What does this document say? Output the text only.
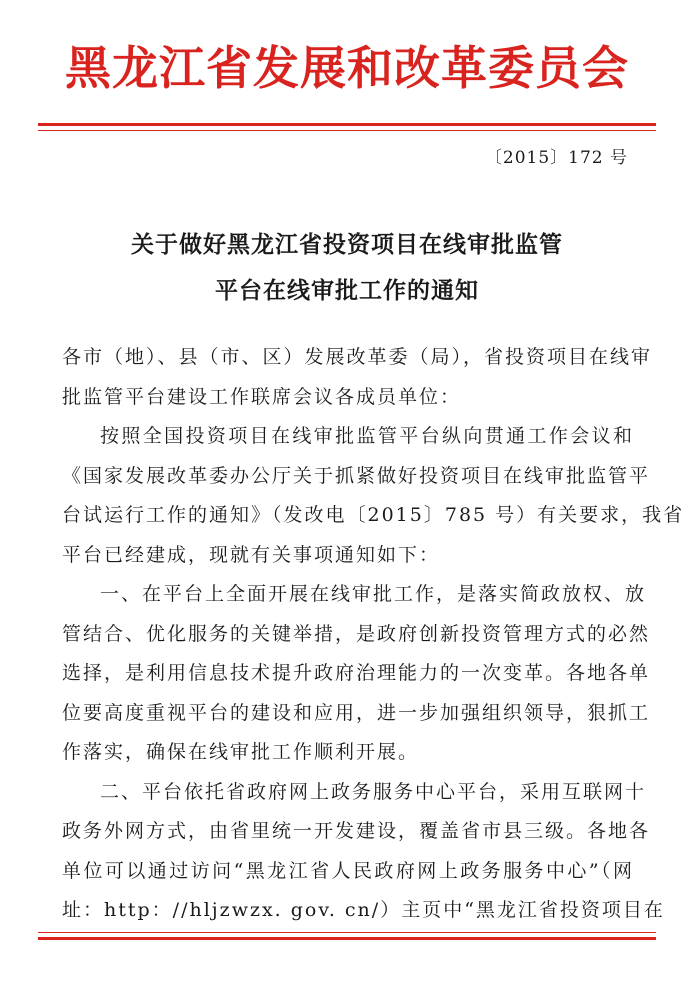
黑龙江省发展和改革委员会
〔2015〕172 号
关于做好黑龙江省投资项目在线审批监管
平台在线审批工作的通知
各市（地）、县（市、区）发展改革委（局），省投资项目在线审
批监管平台建设工作联席会议各成员单位：
按照全国投资项目在线审批监管平台纵向贯通工作会议和
《国家发展改革委办公厅关于抓紧做好投资项目在线审批监管平
台试运行工作的通知》（发改电〔2015〕785 号）有关要求，我省
平台已经建成，现就有关事项通知如下：
一、在平台上全面开展在线审批工作，是落实简政放权、放
管结合、优化服务的关键举措，是政府创新投资管理方式的必然
选择，是利用信息技术提升政府治理能力的一次变革。各地各单
位要高度重视平台的建设和应用，进一步加强组织领导，狠抓工
作落实，确保在线审批工作顺利开展。
二、平台依托省政府网上政务服务中心平台，采用互联网十
政务外网方式，由省里统一开发建设，覆盖省市县三级。各地各
单位可以通过访问“黑龙江省人民政府网上政务服务中心”（网
址：http：//hljzwzx. gov. cn/）主页中“黑龙江省投资项目在
